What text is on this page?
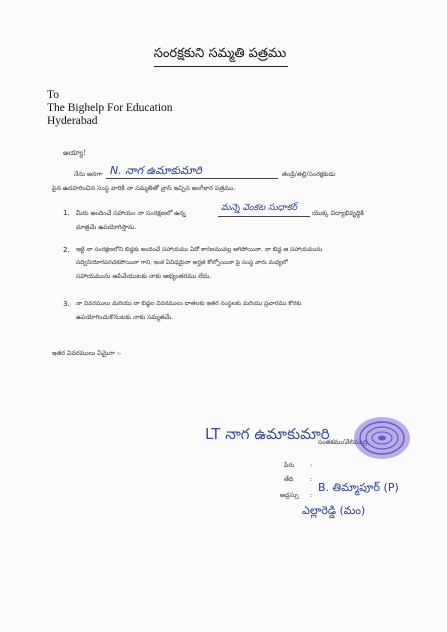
సంరక్షకుని సమ్మతి పత్రము
To
The Bighelp For Education
Hyderabad
అయ్యా!
నేను అనగా N. నాగ ఉమాకుమారి	తండ్రి/తల్లి/సంరక్షకుడు
పైన ఉదహరించిన సంస్థ వారికి నా సమ్మతితో వ్రాసి ఇచ్చిన అంగీకార పత్రము.
1. మీరు అందించే సహాయం నా సంరక్షణలో ఉన్న
మన్నె వెంకట సుధాకర్
యొక్క విద్యాభివృద్ధికి
మాత్రమే ఉపయోగిస్తాను.
2. ఇట్టి నా సంరక్షణలోని బిడ్డకు అందించే సహాయము ఏదో కారణమువల్ల ఆగిపోయినా, నా బిడ్డ ఆ సహాయమును
సద్వినియోగపరచకపోయినా గాని, ఇంక ఏవిధమైనా అర్హత కోల్పోయినా పై సంస్థ వారు మధ్యలో
సహాయమును ఆపివేయుటకు నాకు అభ్యంతరము లేదు.
3. నా వివరములు మరియు నా బిడ్డల వివరములు దాతలకు ఇతర సంస్థలకు మరియు ప్రచారము కొరకు
ఉపయోగించుకొనుటకు నాకు సమ్మతమే.
ఇతర వివరములు ఏమైనా :-
LT నాగ ఉమాకుమారి
సంతకము/వేలిముద్ర
పేరు :
తేది	:
అడ్రస్సు :
B. తిమ్మాపూర్ (P)
ఎల్లారెడ్డి (మం)
